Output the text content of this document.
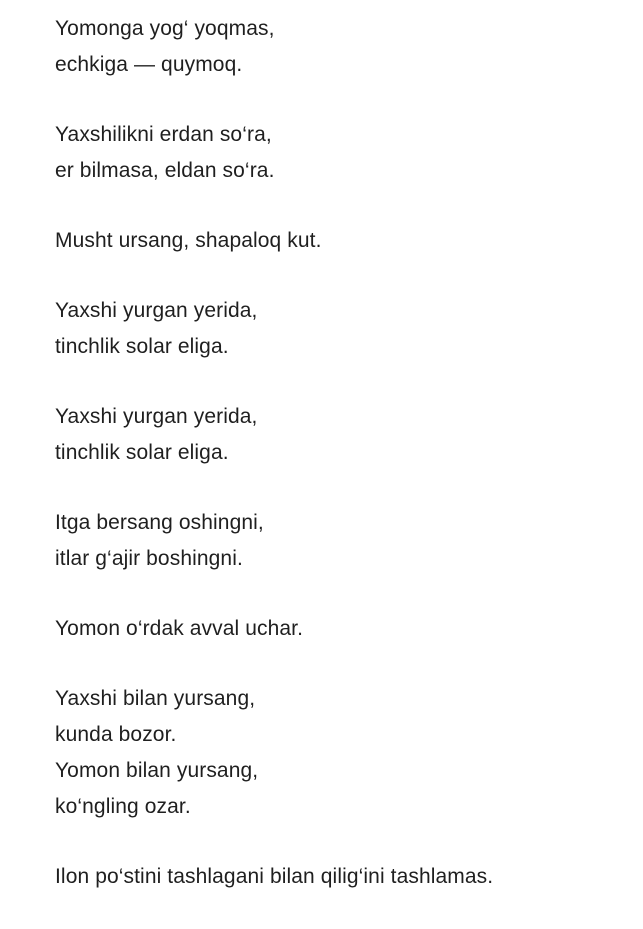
Yomonga yog‘ yoqmas,
echkiga — quymoq.
Yaxshilikni erdan so‘ra,
er bilmasa, eldan so‘ra.
Musht ursang, shapaloq kut.
Yaxshi yurgan yerida,
tinchlik solar eliga.
Yaxshi yurgan yerida,
tinchlik solar eliga.
Itga bersang oshingni,
itlar g‘ajir boshingni.
Yomon o‘rdak avval uchar.
Yaxshi bilan yursang,
kunda bozor.
Yomon bilan yursang,
ko‘ngling ozar.
Ilon po‘stini tashlagani bilan qilig‘ini tashlamas.
